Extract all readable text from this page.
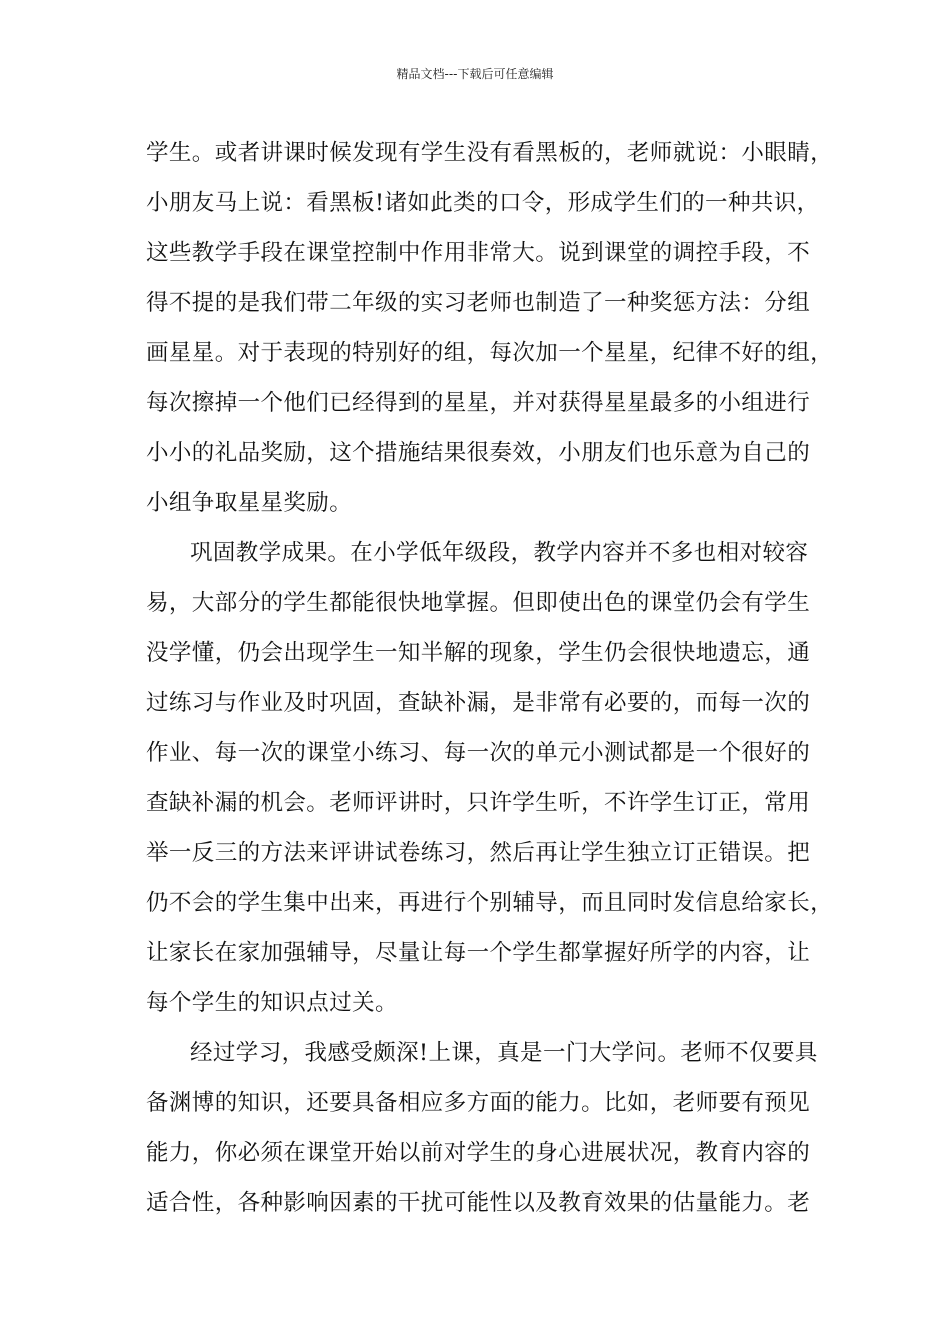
精品文档---下载后可任意编辑
学生。或者讲课时候发现有学生没有看黑板的，老师就说：小眼睛，
小朋友马上说：看黑板!诸如此类的口令，形成学生们的一种共识，
这些教学手段在课堂控制中作用非常大。说到课堂的调控手段，不
得不提的是我们带二年级的实习老师也制造了一种奖惩方法：分组
画星星。对于表现的特别好的组，每次加一个星星，纪律不好的组，
每次擦掉一个他们已经得到的星星，并对获得星星最多的小组进行
小小的礼品奖励，这个措施结果很奏效，小朋友们也乐意为自己的
小组争取星星奖励。
巩固教学成果。在小学低年级段，教学内容并不多也相对较容
易，大部分的学生都能很快地掌握。但即使出色的课堂仍会有学生
没学懂，仍会出现学生一知半解的现象，学生仍会很快地遗忘，通
过练习与作业及时巩固，查缺补漏，是非常有必要的，而每一次的
作业、每一次的课堂小练习、每一次的单元小测试都是一个很好的
查缺补漏的机会。老师评讲时，只许学生听，不许学生订正，常用
举一反三的方法来评讲试卷练习，然后再让学生独立订正错误。把
仍不会的学生集中出来，再进行个别辅导，而且同时发信息给家长，
让家长在家加强辅导，尽量让每一个学生都掌握好所学的内容，让
每个学生的知识点过关。
经过学习，我感受颇深!上课，真是一门大学问。老师不仅要具
备渊博的知识，还要具备相应多方面的能力。比如，老师要有预见
能力，你必须在课堂开始以前对学生的身心进展状况，教育内容的
适合性，各种影响因素的干扰可能性以及教育效果的估量能力。老
